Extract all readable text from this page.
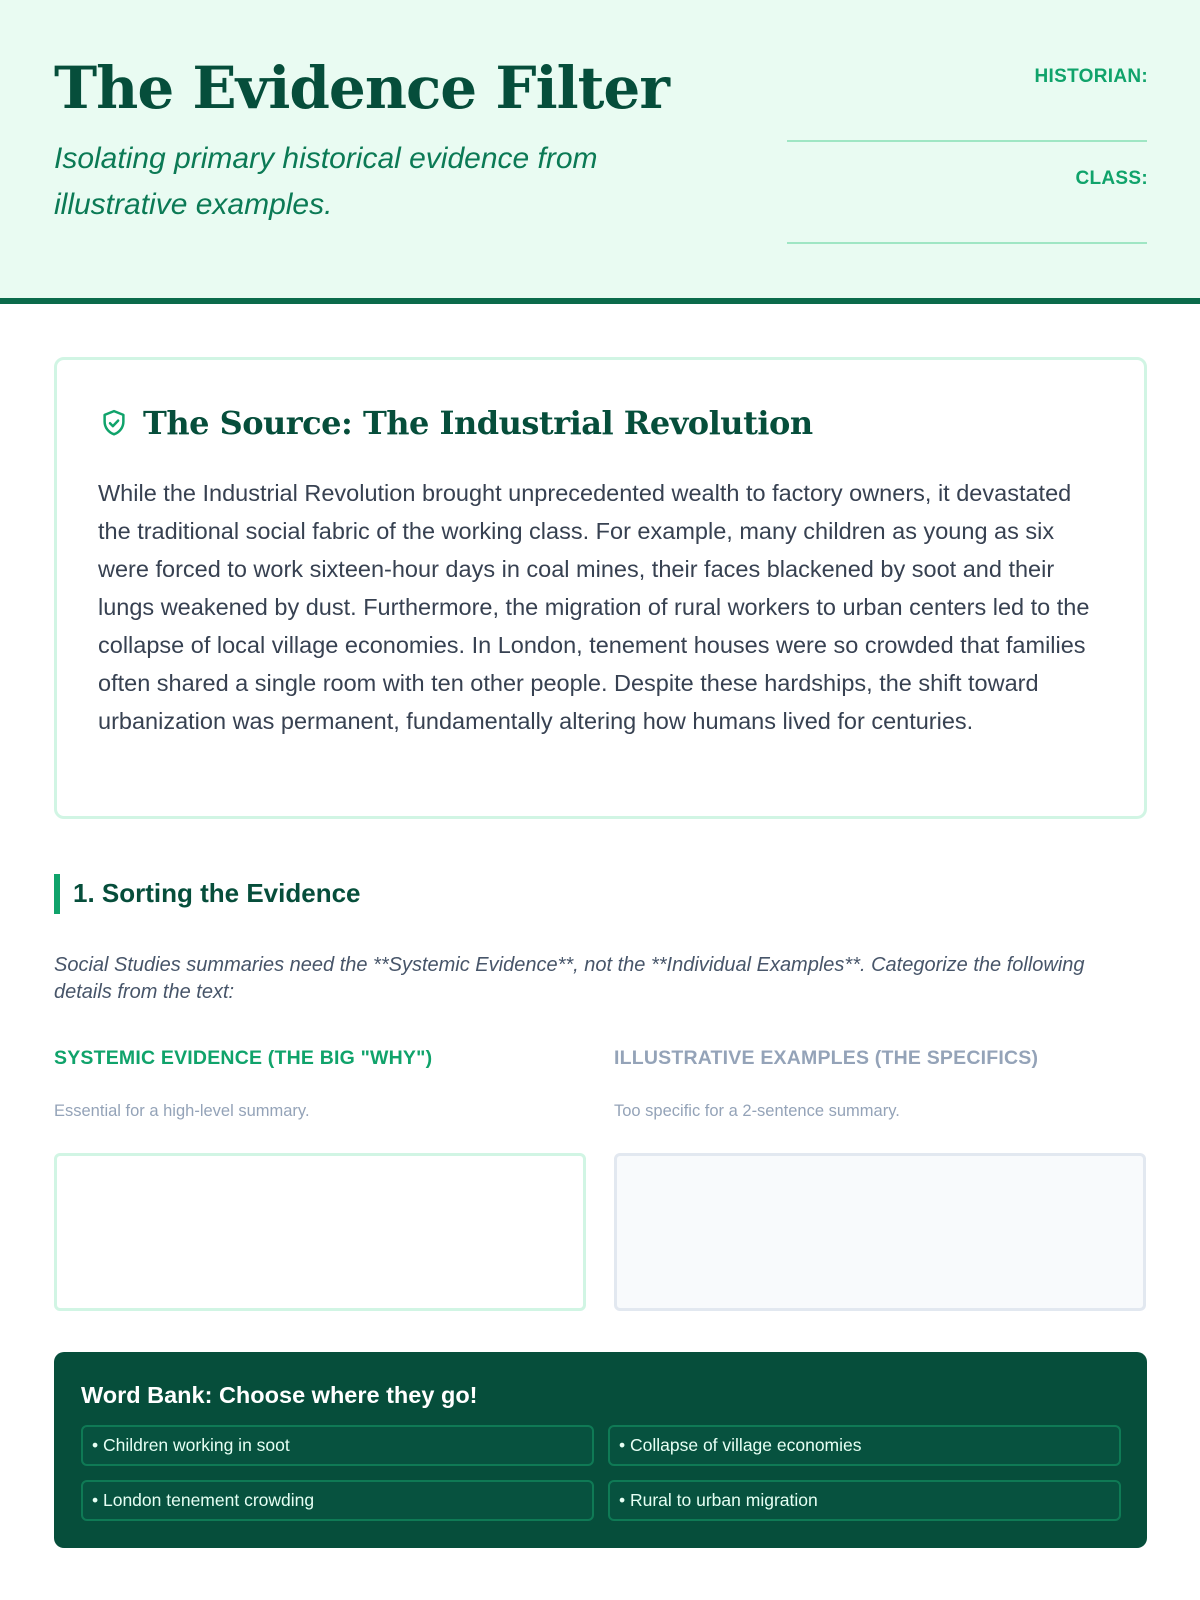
The Evidence Filter
Isolating primary historical evidence from illustrative examples.
HISTORIAN:
CLASS:
The Source: The Industrial Revolution
While the Industrial Revolution brought unprecedented wealth to factory owners, it devastated the traditional social fabric of the working class. For example, many children as young as six were forced to work sixteen-hour days in coal mines, their faces blackened by soot and their lungs weakened by dust. Furthermore, the migration of rural workers to urban centers led to the collapse of local village economies. In London, tenement houses were so crowded that families often shared a single room with ten other people. Despite these hardships, the shift toward urbanization was permanent, fundamentally altering how humans lived for centuries.
1. Sorting the Evidence
Social Studies summaries need the **Systemic Evidence**, not the **Individual Examples**. Categorize the following details from the text:
SYSTEMIC EVIDENCE (THE BIG "WHY")	ILLUSTRATIVE EXAMPLES (THE SPECIFICS)
Essential for a high-level summary.	Too specific for a 2-sentence summary.
Word Bank: Choose where they go!
• Children working in soot	• Collapse of village economies
• London tenement crowding	• Rural to urban migration
